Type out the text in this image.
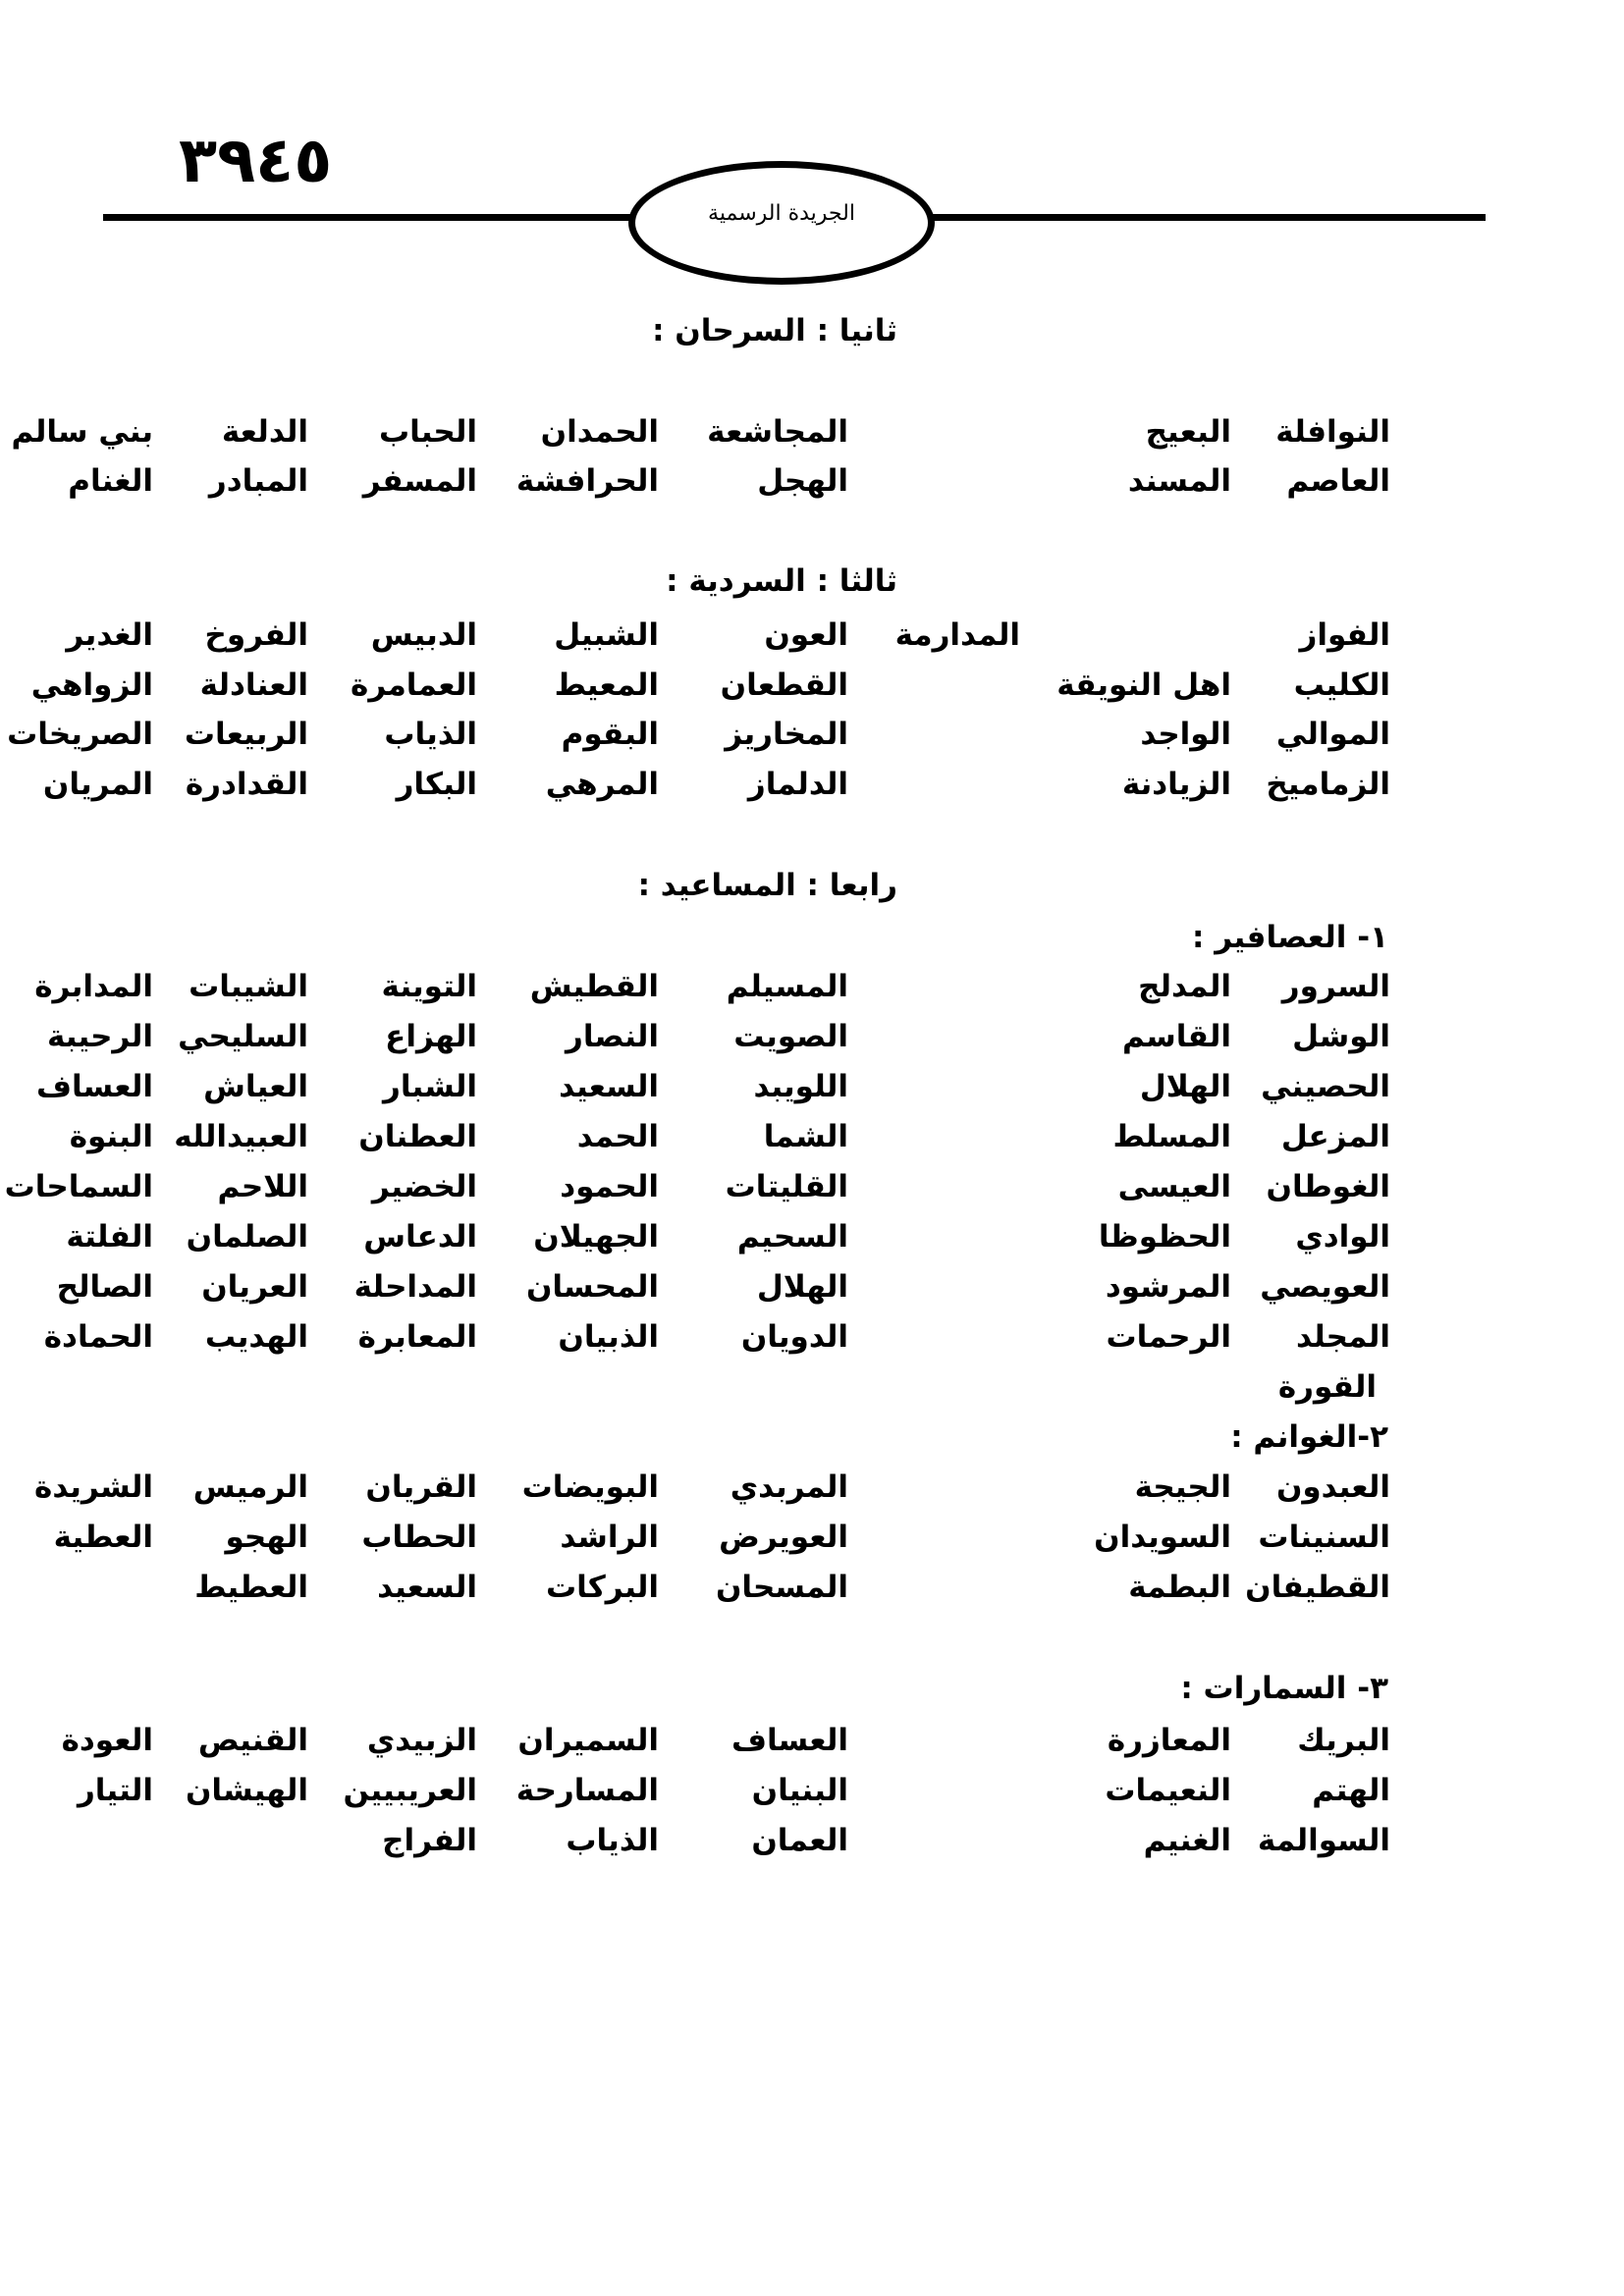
٣٩٤٥
الجريدة الرسمية
ثانيا : السرحان :
النوافلة
البعيج
المجاشعة
الحمدان
الحباب
الدلعة
بني سالم
العاصم
المسند
الهجل
الحرافشة
المسفر
المبادر
الغنام
ثالثا : السردية :
الفواز
المدارمة
العون
الشبيل
الدبيس
الفروخ
الغدير
الكليب
اهل النويقة
القطعان
المعيط
العمامرة
العنادلة
الزواهي
الموالي
الواجد
المخاريز
البقوم
الذياب
الربيعات
الصريخات
الزماميخ
الزيادنة
الدلماز
المرهي
البكار
القدادرة
المريان
رابعا : المساعيد :
١- العصافير :
السرور
المدلج
المسيلم
القطيش
التوينة
الشيبات
المدابرة
الوشل
القاسم
الصويت
النصار
الهزاع
السليحي
الرحيبة
الحصيني
الهلال
اللويبد
السعيد
الشبار
العياش
العساف
المزعل
المسلط
الشما
الحمد
العطنان
العبيدالله
البنوة
الغوطان
العيسى
القليتات
الحمود
الخضير
اللاحم
السماحات
الوادي
الحظوظا
السحيم
الجهيلان
الدعاس
الصلمان
الفلتة
العويصي
المرشود
الهلال
المحسان
المداحلة
العريان
الصالح
المجلد
الرحمات
الدويان
الذبيان
المعابرة
الهديب
الحمادة
القورة
٢-الغوانم :
العبدون
الجيجة
المربدي
البويضات
القريان
الرميس
الشريدة
السنينات
السويدان
العويرض
الراشد
الحطاب
الهجو
العطية
القطيفان
البطمة
المسحان
البركات
السعيد
العطيط
٣- السمارات :
البريك
المعازرة
العساف
السميران
الزبيدي
القنيص
العودة
الهتم
النعيمات
البنيان
المسارحة
العريبيين
الهيشان
التيار
السوالمة
الغنيم
العمان
الذياب
الفراج
